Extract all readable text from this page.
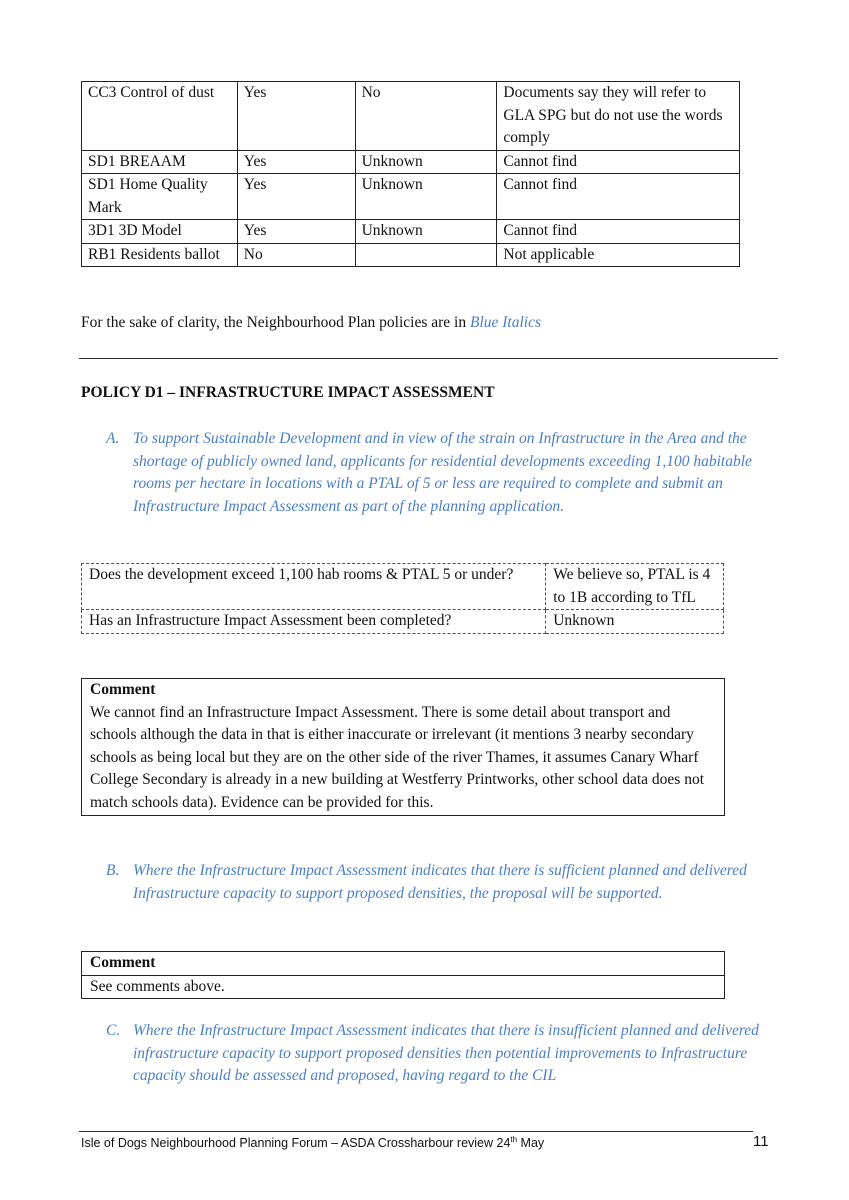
CC3 Control of dust	Yes	No	Documents say they will refer to GLA SPG but do not use the words comply
SD1 BREAAM	Yes	Unknown	Cannot find
SD1 Home Quality Mark	Yes	Unknown	Cannot find
3D1 3D Model	Yes	Unknown	Cannot find
RB1 Residents ballot	No		Not applicable
For the sake of clarity, the Neighbourhood Plan policies are in Blue Italics
POLICY D1 – INFRASTRUCTURE IMPACT ASSESSMENT
A. To support Sustainable Development and in view of the strain on Infrastructure in the Area and the shortage of publicly owned land, applicants for residential developments exceeding 1,100 habitable rooms per hectare in locations with a PTAL of 5 or less are required to complete and submit an Infrastructure Impact Assessment as part of the planning application.
Does the development exceed 1,100 hab rooms & PTAL 5 or under?	We believe so, PTAL is 4 to 1B according to TfL
Has an Infrastructure Impact Assessment been completed?	Unknown
Comment
We cannot find an Infrastructure Impact Assessment. There is some detail about transport and schools although the data in that is either inaccurate or irrelevant (it mentions 3 nearby secondary schools as being local but they are on the other side of the river Thames, it assumes Canary Wharf College Secondary is already in a new building at Westferry Printworks, other school data does not match schools data). Evidence can be provided for this.
B. Where the Infrastructure Impact Assessment indicates that there is sufficient planned and delivered Infrastructure capacity to support proposed densities, the proposal will be supported.
Comment
See comments above.
C. Where the Infrastructure Impact Assessment indicates that there is insufficient planned and delivered infrastructure capacity to support proposed densities then potential improvements to Infrastructure capacity should be assessed and proposed, having regard to the CIL
Isle of Dogs Neighbourhood Planning Forum – ASDA Crossharbour review 24th May	11
